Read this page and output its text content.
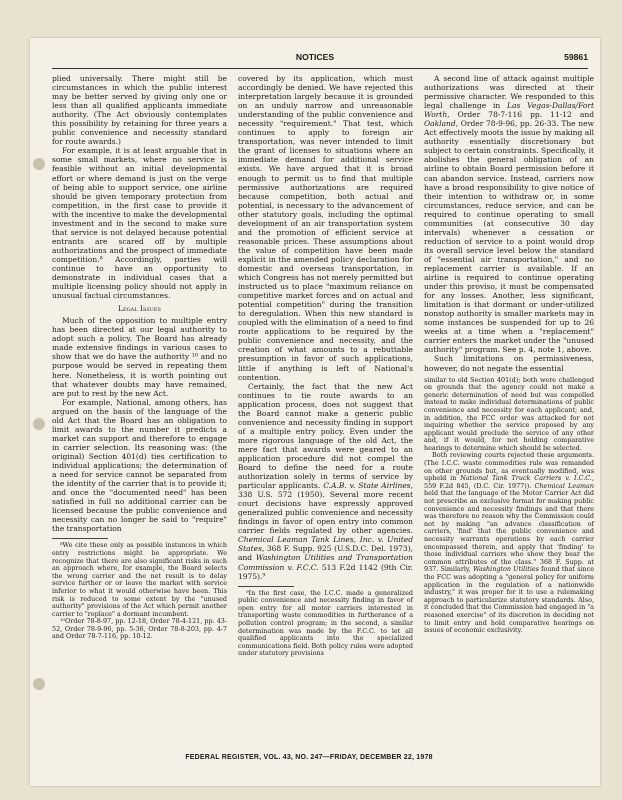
NOTICES	59861

plied universally. There might still be circumstances in which the public interest may be better served by giving only one or less than all qualified applicants immediate authority. (The Act obviously contemplates this possibility by retaining for three years a public convenience and necessity standard for route awards.)

For example, it is at least arguable that in some small markets, where no service is feasible without an initial developmental effort or where demand is just on the verge of being able to support service, one airline should be given temporary protection from competition, in the first case to provide it with the incentive to make the developmental investment and in the second to make sure that service is not delayed because potential entrants are scared off by multiple authorizations and the prospect of immediate competition.⁸ Accordingly, parties will continue to have an opportunity to demonstrate in individual cases that a multiple licensing policy should not apply in unusual factual circumstances.

Legal Issues

Much of the opposition to multiple entry has been directed at our legal authority to adopt such a policy. The Board has already made extensive findings in various cases to show that we do have the authority ¹⁰ and no purpose would be served in repeating them here. Nonetheless, it is worth pointing out that whatever doubts may have remained, are put to rest by the new Act.

For example, National, among others, has argued on the basis of the language of the old Act that the Board has an obligation to limit awards to the number it predicts a market can support and therefore to engage in carrier selection. Its reasoning was: (the original) Section 401(d) ties certification to individual applications; the determination of a need for service cannot be separated from the identity of the carrier that is to provide it; and once the "documented need" has been satisfied in full no additional carrier can be licensed because the public convenience and necessity can no longer be said to "require" the transportation

⁸We cite these only as possible instances in which entry restrictions might be appropriate. We recognize that there are also significant risks in such an approach where, for example, the Board selects the wrong carrier and the net result is to delay service further or or leave the market with service inferior to what it would otherwise have been. This risk is reduced to some extent by the "unused authority" provisions of the Act which permit another carrier to "replace" a dormant incumbent.

¹⁰Order 78-8-97, pp. 12-18, Order 78-4-121, pp. 43-52, Order 78-9-96, pp. 5-36, Order 78-8-203, pp. 4-7 and Order 78-7-116, pp. 10-12.

covered by its application, which must accordingly be denied. We have rejected this interpretation largely because it is grounded on an unduly narrow and unreasonable understanding of the public convenience and necessity "requirement." That test, which continues to apply to foreign air transportation, was never intended to limit the grant of licenses to situations where an immediate demand for additional service exists. We have argued that it is broad enough to permit us to find that multiple permissive authorizations are required because competition, both actual and potential, is necessary to the advancement of other statutory goals, including the optimal development of an air transportation system and the promotion of efficient service at reasonable prices. These assumptions about the value of competition have been made explicit in the amended policy declaration for domestic and overseas transportation, in which Congress has not merely permitted but instructed us to place "maximum reliance on competitive market forces and on actual and potential competition" during the transition to deregulation. When this new standard is coupled with the elimination of a need to find route applications to be required by the public convenience and necessity, and the creation of what amounts to a rebuttable presumption in favor of such applications, little if anything is left of National's contention.

Certainly, the fact that the new Act continues to tie route awards to an application process, does not suggest that the Board cannot make a generic public convenience and necessity finding in support of a multiple entry policy. Even under the more rigorous language of the old Act, the mere fact that awards were geared to an application procedure did not compel the Board to define the need for a route authorization solely in terms of service by particular applicants. C.A.B. v. State Airlines, 338 U.S. 572 (1950). Several more recent court decisions have expressly approved generalized public convenience and necessity findings in favor of open entry into common carrier fields regulated by other agencies. Chemical Leaman Tank Lines, Inc. v. United States, 368 F. Supp. 925 (U.S.D.C. Del. 1973), and Washington Utilities and Transportation Commission v. F.C.C. 513 F.2d 1142 (9th Cir. 1975).⁹

⁹In the first case, the I.C.C. made a generalized public convenience and necessity finding in favor of open entry for all motor carriers interested in transporting waste commodities in furtherance of a pollution control program; in the second, a similar determination was made by the F.C.C. to let all qualified applicants into the specialized communications field. Both policy rules were adopted under statutory provisions

A second line of attack against multiple authorizations was directed at their permissive character. We responded to this legal challenge in Las Vegas-Dallas/Fort Worth, Order 78-7-116 pp. 11-12 and Oakland, Order 78-9-96, pp. 26-33. The new Act effectively moots the issue by making all authority essentially discretionary but subject to certain constraints. Specifically, it abolishes the general obligation of an airline to obtain Board permission before it can abandon service. Instead, carriers now have a broad responsibility to give notice of their intention to withdraw or, in some circumstances, reduce service, and can be required to continue operating to small communities (at consecutive 30 day intervals) whenever a cessation or reduction of service to a point would drop its overall service level below the standard of "essential air transportation," and no replacement carrier is available. If an airline is required to continue operating under this proviso, it must be compensated for any losses. Another, less significant, limitation is that dormant or under-utilized nonstop authority is smaller markets may in some instances be suspended for up to 26 weeks at a time when a "replacement" carrier enters the market under the "unused authority" program. See p. 4, note 1, above.

Such limitations on permissiveness, however, do not negate the essential

similar to old Section 401(d); both were challenged on grounds that the agency could not make a generic determination of need but was compelled instead to make individual determinations of public convenience and necessity for each applicant; and, in addition, the FCC order was attacked for not inquiring whether the service proposed by any applicant would preclude the service of any other and, if it would, for not holding comparative hearings to determine which should be selected.

Both reviewing courts rejected these arguments. (The I.C.C. waste commodities rule was remanded on other grounds but, as eventually modified, was upheld in National Tank Truck Carriers v. I.C.C., 559 F.2d 845, (D.C. Cir. 1977)). Chemical Leaman held that the language of the Motor Carrier Act did not prescribe an exclusive format for making public convenience and necessity findings and that there was therefore no reason why the Commission could not by making "an advance classification of carriers, 'find' that the public convenience and necessity warrants operations by each carrier encompassed therein, and apply that 'finding' to those individual carriers who show they bear the common attributes of the class." 368 F. Supp. at 937. Similarly, Washington Utilities found that since the FCC was adopting a "general policy for uniform application in the regulation of a nationwide industry," it was proper for it to use a rulemaking approach to particularize statutory standards. Also, it concluded that the Commission had engaged in "a reasoned exercise" of its discretion in deciding not to limit entry and hold comparative hearings on issues of economic exclusivity.

FEDERAL REGISTER, VOL. 43, NO. 247—FRIDAY, DECEMBER 22, 1978
